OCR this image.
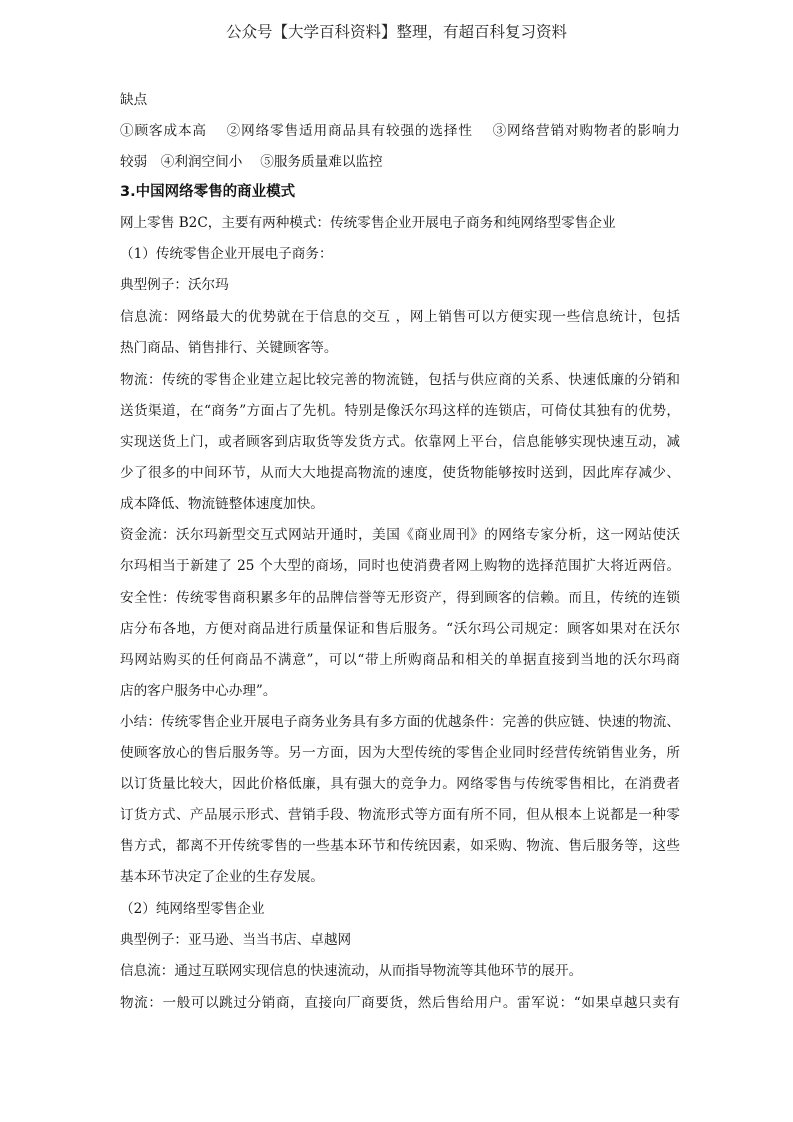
公众号【大学百科资料】整理，有超百科复习资料
缺点
①顾客成本高　 ②网络零售适用商品具有较强的选择性　 ③网络营销对购物者的影响力
较弱　④利润空间小　 ⑤服务质量难以监控
3.中国网络零售的商业模式
网上零售 B2C，主要有两种模式：传统零售企业开展电子商务和纯网络型零售企业
（1）传统零售企业开展电子商务：
典型例子：沃尔玛
信息流：网络最大的优势就在于信息的交互 ，网上销售可以方便实现一些信息统计，包括
热门商品、销售排行、关键顾客等。
物流：传统的零售企业建立起比较完善的物流链，包括与供应商的关系、快速低廉的分销和
送货渠道，在“商务”方面占了先机。特别是像沃尔玛这样的连锁店，可倚仗其独有的优势，
实现送货上门，或者顾客到店取货等发货方式。依靠网上平台，信息能够实现快速互动，减
少了很多的中间环节，从而大大地提高物流的速度，使货物能够按时送到，因此库存减少、
成本降低、物流链整体速度加快。
资金流：沃尔玛新型交互式网站开通时，美国《商业周刊》的网络专家分析，这一网站使沃
尔玛相当于新建了 25 个大型的商场，同时也使消费者网上购物的选择范围扩大将近两倍。
安全性：传统零售商积累多年的品牌信誉等无形资产，得到顾客的信赖。而且，传统的连锁
店分布各地，方便对商品进行质量保证和售后服务。“沃尔玛公司规定：顾客如果对在沃尔
玛网站购买的任何商品不满意”，可以“带上所购商品和相关的单据直接到当地的沃尔玛商
店的客户服务中心办理”。
小结：传统零售企业开展电子商务业务具有多方面的优越条件：完善的供应链、快速的物流、
使顾客放心的售后服务等。另一方面，因为大型传统的零售企业同时经营传统销售业务，所
以订货量比较大，因此价格低廉，具有强大的竞争力。网络零售与传统零售相比，在消费者
订货方式、产品展示形式、营销手段、物流形式等方面有所不同，但从根本上说都是一种零
售方式，都离不开传统零售的一些基本环节和传统因素，如采购、物流、售后服务等，这些
基本环节决定了企业的生存发展。
（2）纯网络型零售企业
典型例子：亚马逊、当当书店、卓越网
信息流：通过互联网实现信息的快速流动，从而指导物流等其他环节的展开。
物流：一般可以跳过分销商，直接向厂商要货，然后售给用户。雷军说：“如果卓越只卖有
